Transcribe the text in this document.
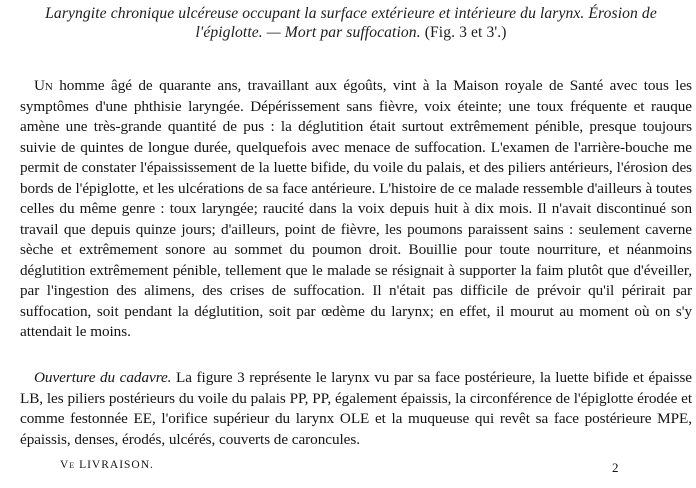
Laryngite chronique ulcéreuse occupant la surface extérieure et intérieure du larynx. Érosion de l'épiglotte. — Mort par suffocation. (Fig. 3 et 3'.)

Un homme âgé de quarante ans, travaillant aux égoûts, vint à la Maison royale de Santé avec tous les symptômes d'une phthisie laryngée. Dépérissement sans fièvre, voix éteinte; une toux fréquente et rauque amène une très-grande quantité de pus : la déglutition était surtout extrêmement pénible, presque toujours suivie de quintes de longue durée, quelquefois avec menace de suffocation. L'examen de l'arrière-bouche me permit de constater l'épaississement de la luette bifide, du voile du palais, et des piliers antérieurs, l'érosion des bords de l'épiglotte, et les ulcérations de sa face antérieure. L'histoire de ce malade ressemble d'ailleurs à toutes celles du même genre : toux laryngée; raucité dans la voix depuis huit à dix mois. Il n'avait discontinué son travail que depuis quinze jours; d'ailleurs, point de fièvre, les poumons paraissent sains : seulement caverne sèche et extrêmement sonore au sommet du poumon droit. Bouillie pour toute nourriture, et néanmoins déglutition extrêmement pénible, tellement que le malade se résignait à supporter la faim plutôt que d'éveiller, par l'ingestion des alimens, des crises de suffocation. Il n'était pas difficile de prévoir qu'il périrait par suffocation, soit pendant la déglutition, soit par œdème du larynx; en effet, il mourut au moment où on s'y attendait le moins.

Ouverture du cadavre. La figure 3 représente le larynx vu par sa face postérieure, la luette bifide et épaisse LB, les piliers postérieurs du voile du palais PP, PP, également épaissis, la circonférence de l'épiglotte érodée et comme festonnée EE, l'orifice supérieur du larynx OLE et la muqueuse qui revêt sa face postérieure MPE, épaissis, denses, érodés, ulcérés, couverts de caroncules.

Ve LIVRAISON.	2
